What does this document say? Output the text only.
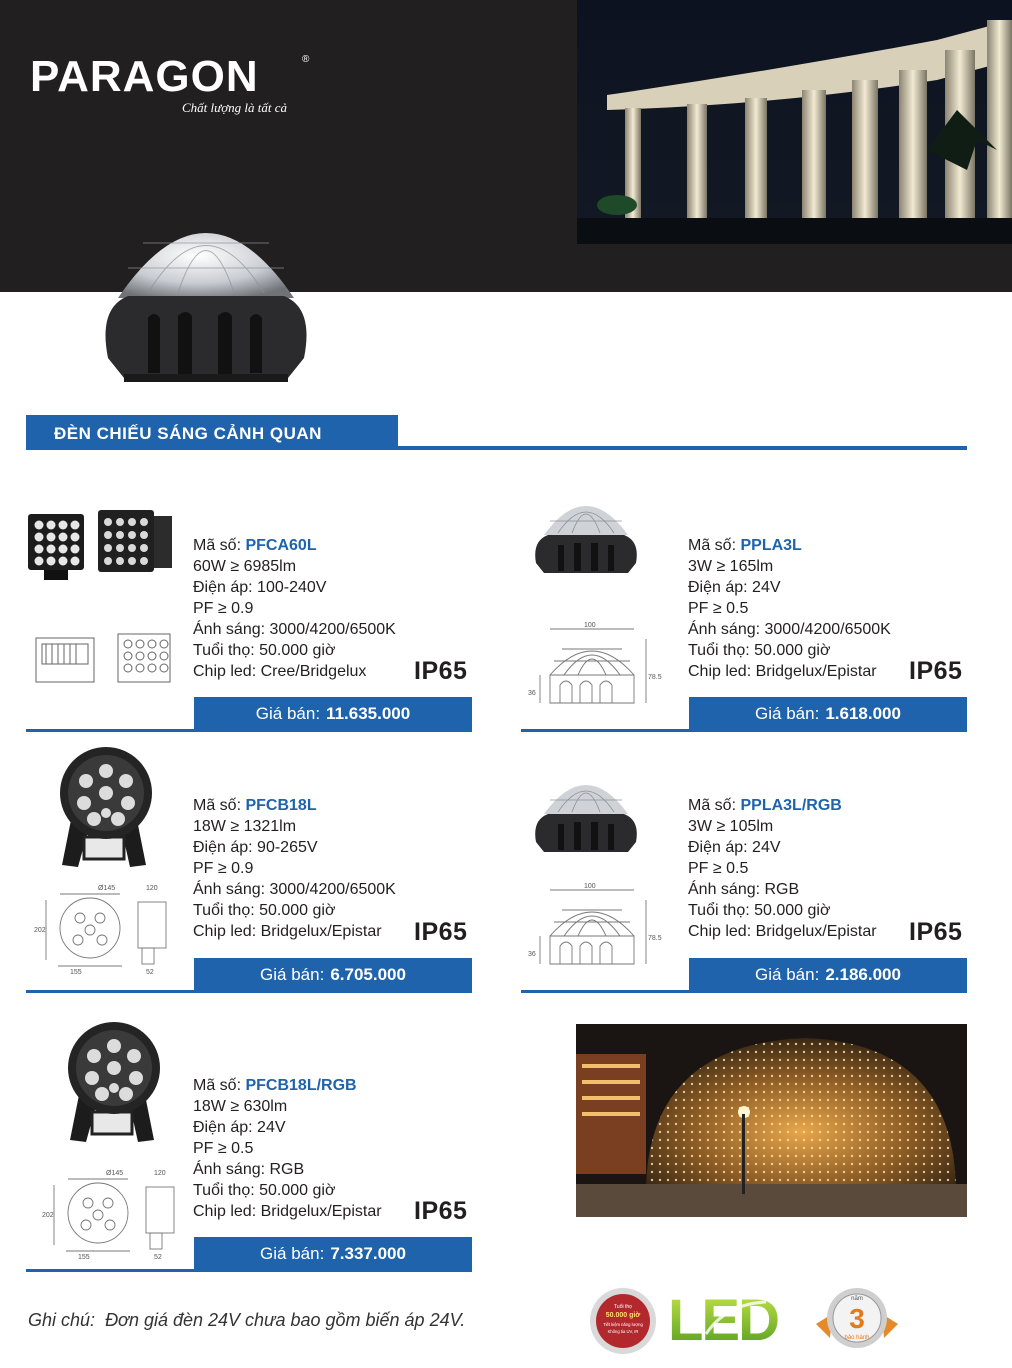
PARAGON	®
Chất lượng là tất cả
ĐÈN CHIẾU SÁNG CẢNH QUAN
Mã số: PFCA60L
60W ≥ 6985lm
Điện áp: 100-240V
PF ≥ 0.9
Ánh sáng: 3000/4200/6500K
Tuổi thọ: 50.000 giờ
Chip led: Cree/Bridgelux	IP65
Giá bán: 11.635.000
100
78.5
36
Mã số: PPLA3L
3W ≥ 165lm
Điện áp: 24V
PF ≥ 0.5
Ánh sáng: 3000/4200/6500K
Tuổi thọ: 50.000 giờ
Chip led: Bridgelux/Epistar	IP65
Giá bán: 1.618.000
Ø145	120
202
155	52
Mã số: PFCB18L
18W ≥ 1321lm
Điện áp: 90-265V
PF ≥ 0.9
Ánh sáng: 3000/4200/6500K
Tuổi thọ: 50.000 giờ
Chip led: Bridgelux/Epistar	IP65
Giá bán: 6.705.000
100
78.5
36
Mã số: PPLA3L/RGB
3W ≥ 105lm
Điện áp: 24V
PF ≥ 0.5
Ánh sáng: RGB
Tuổi thọ: 50.000 giờ
Chip led: Bridgelux/Epistar	IP65
Giá bán: 2.186.000
Ø145	120
202
155	52
Mã số: PFCB18L/RGB
18W ≥ 630lm
Điện áp: 24V
PF ≥ 0.5
Ánh sáng: RGB
Tuổi thọ: 50.000 giờ
Chip led: Bridgelux/Epistar	IP65
Giá bán: 7.337.000
Ghi chú: Đơn giá đèn 24V chưa bao gồm biến áp 24V.
Tuổi thọ
50.000 giờ
Tiết kiệm năng lượng
Không tia UV, IR LED	3
năm
bảo hành
